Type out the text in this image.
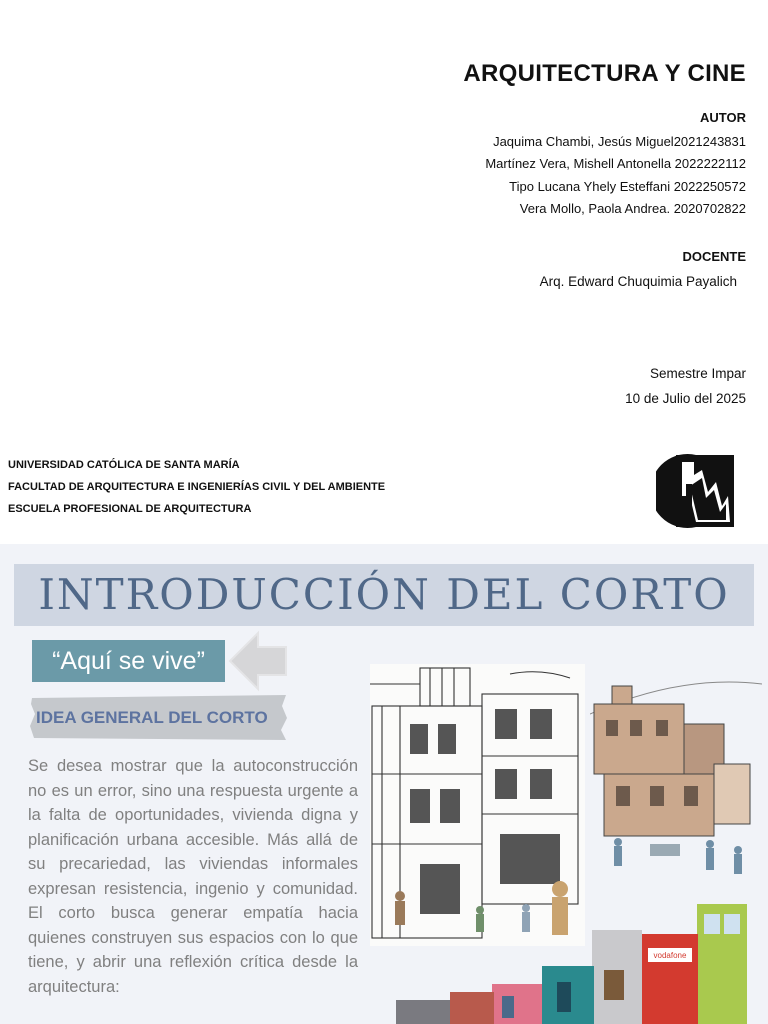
ARQUITECTURA Y CINE
AUTOR
Jaquima Chambi, Jesús Miguel2021243831
Martínez Vera, Mishell Antonella 2022222112
Tipo Lucana Yhely Esteffani 2022250572
Vera Mollo, Paola Andrea. 2020702822
DOCENTE
Arq. Edward Chuquimia Payalich
Semestre Impar
10 de Julio del 2025
UNIVERSIDAD CATÓLICA DE SANTA MARÍA
FACULTAD DE ARQUITECTURA E INGENIERÍAS CIVIL Y DEL AMBIENTE
ESCUELA PROFESIONAL DE ARQUITECTURA
INTRODUCCIÓN DEL CORTO
“Aquí se vive”
IDEA GENERAL DEL CORTO
Se desea mostrar que la autoconstrucción no es un error, sino una respuesta urgente a la falta de oportunidades, vivienda digna y planificación urbana accesible. Más allá de su precariedad, las viviendas informales expresan resistencia, ingenio y comunidad. El corto busca generar empatía hacia quienes construyen sus espacios con lo que tiene, y abrir una reflexión crítica desde la arquitectura:
vodafone
